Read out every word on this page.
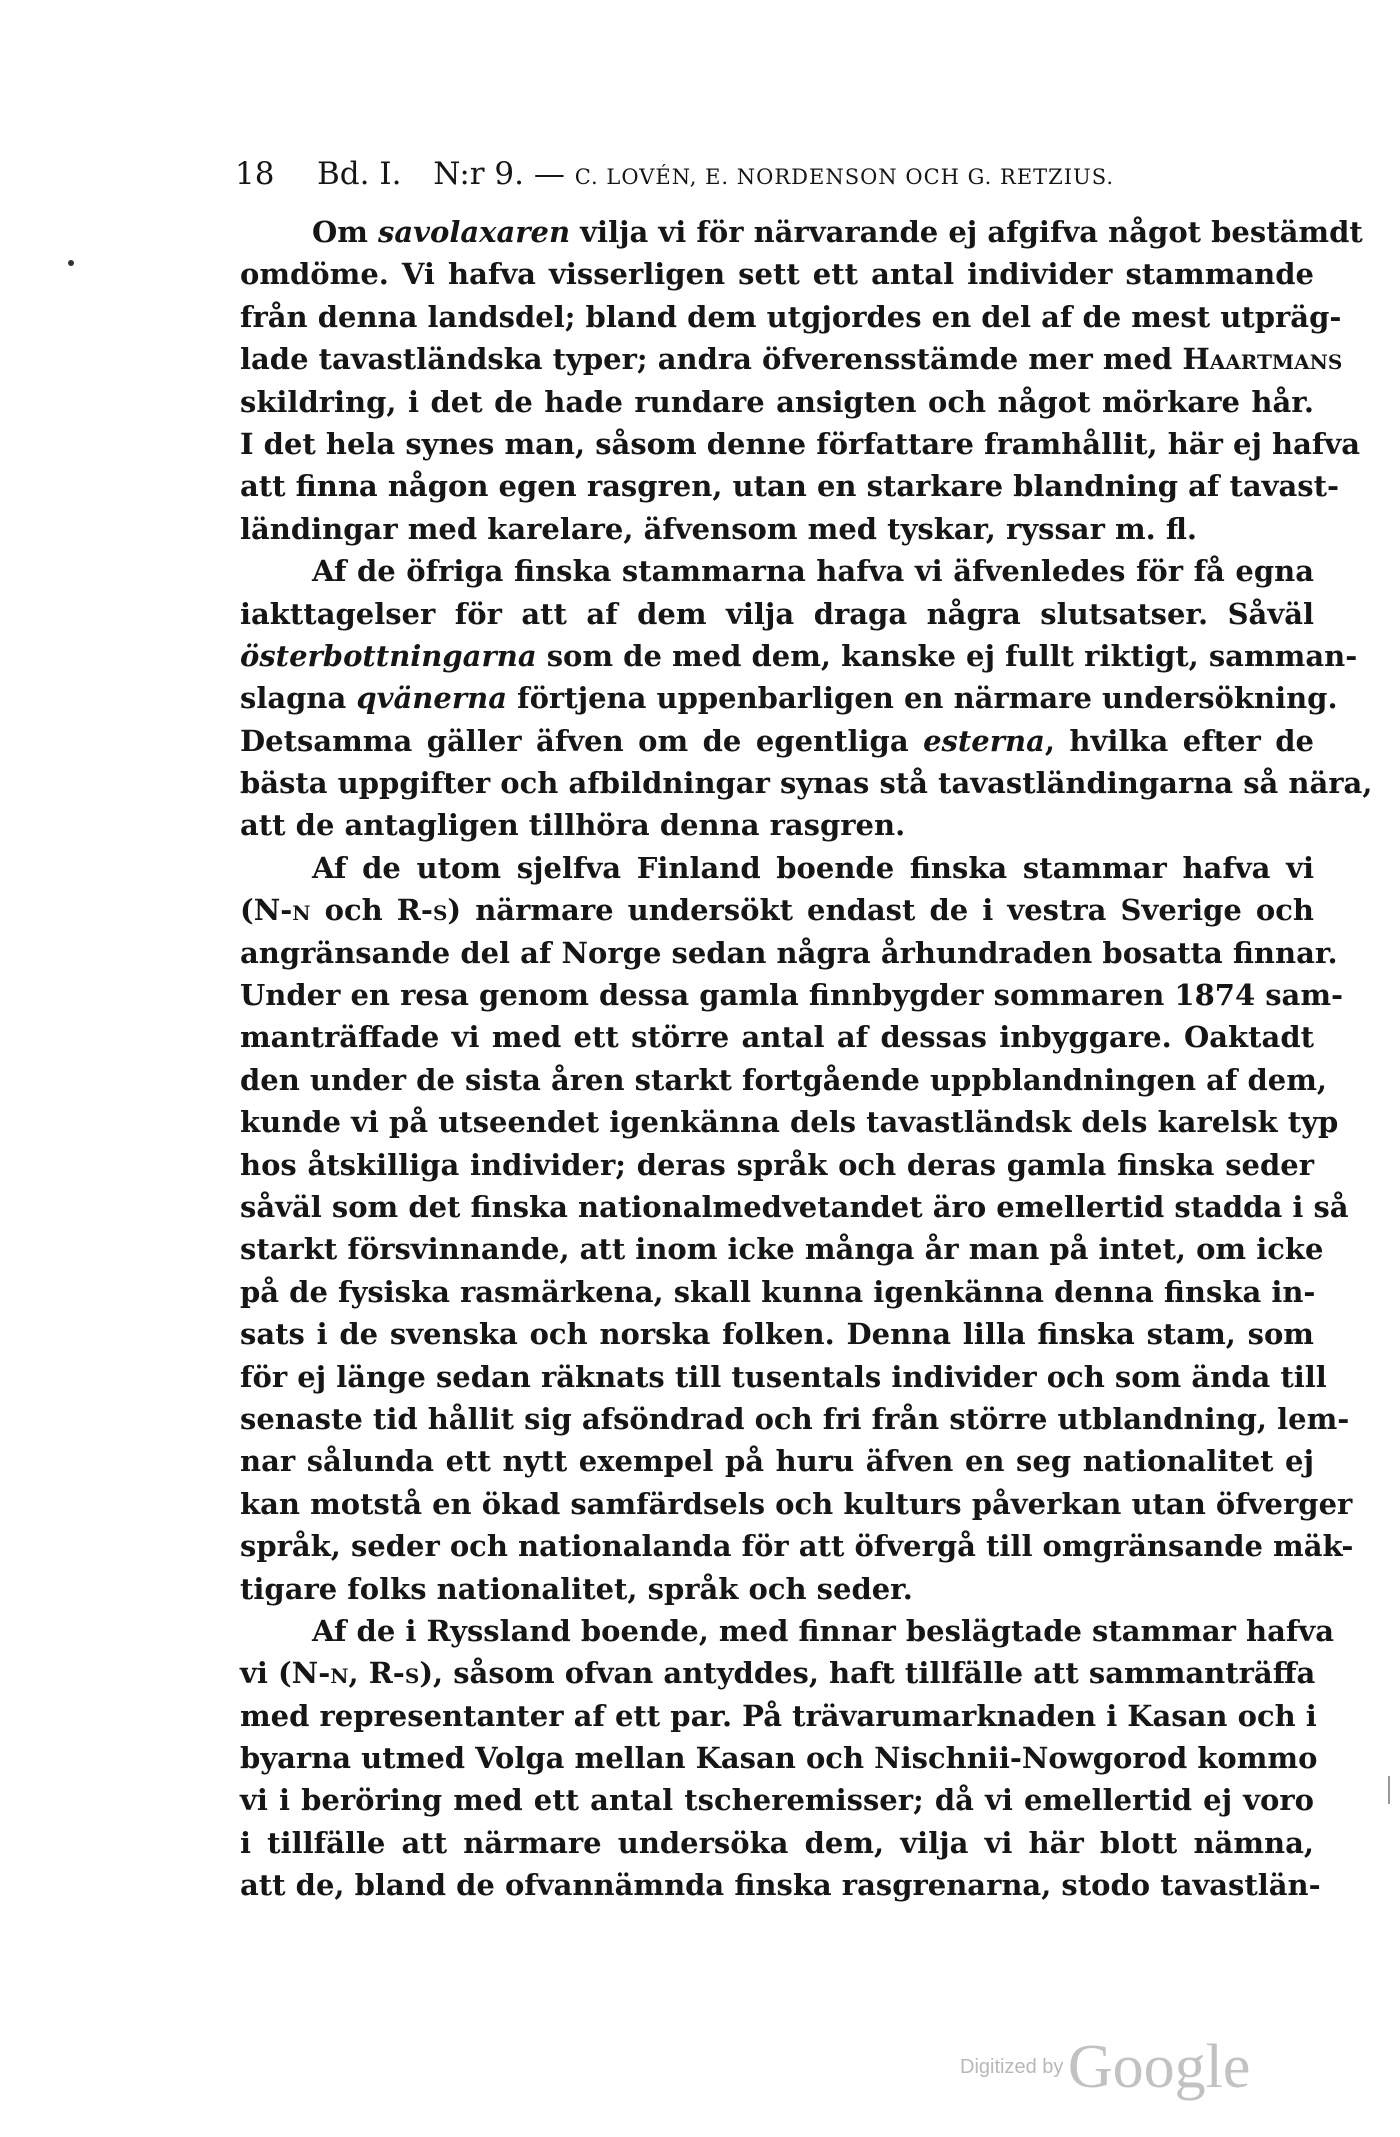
18 Bd. I. N:r 9. — C. LOVÉN, E. NORDENSON OCH G. RETZIUS.
Om savolaxaren vilja vi för närvarande ej afgifva något bestämdt
omdöme. Vi hafva visserligen sett ett antal individer stammande
från denna landsdel; bland dem utgjordes en del af de mest utpräg-
lade tavastländska typer; andra öfverensstämde mer med Haartmans
skildring, i det de hade rundare ansigten och något mörkare hår.
I det hela synes man, såsom denne författare framhållit, här ej hafva
att finna någon egen rasgren, utan en starkare blandning af tavast-
ländingar med karelare, äfvensom med tyskar, ryssar m. fl.
Af de öfriga finska stammarna hafva vi äfvenledes för få egna
iakttagelser för att af dem vilja draga några slutsatser. Såväl
österbottningarna som de med dem, kanske ej fullt riktigt, samman-
slagna qvänerna förtjena uppenbarligen en närmare undersökning.
Detsamma gäller äfven om de egentliga esterna, hvilka efter de
bästa uppgifter och afbildningar synas stå tavastländingarna så nära,
att de antagligen tillhöra denna rasgren.
Af de utom sjelfva Finland boende finska stammar hafva vi
(N-n och R-s) närmare undersökt endast de i vestra Sverige och
angränsande del af Norge sedan några århundraden bosatta finnar.
Under en resa genom dessa gamla finnbygder sommaren 1874 sam-
manträffade vi med ett större antal af dessas inbyggare. Oaktadt
den under de sista åren starkt fortgående uppblandningen af dem,
kunde vi på utseendet igenkänna dels tavastländsk dels karelsk typ
hos åtskilliga individer; deras språk och deras gamla finska seder
såväl som det finska nationalmedvetandet äro emellertid stadda i så
starkt försvinnande, att inom icke många år man på intet, om icke
på de fysiska rasmärkena, skall kunna igenkänna denna finska in-
sats i de svenska och norska folken. Denna lilla finska stam, som
för ej länge sedan räknats till tusentals individer och som ända till
senaste tid hållit sig afsöndrad och fri från större utblandning, lem-
nar sålunda ett nytt exempel på huru äfven en seg nationalitet ej
kan motstå en ökad samfärdsels och kulturs påverkan utan öfverger
språk, seder och nationalanda för att öfvergå till omgränsande mäk-
tigare folks nationalitet, språk och seder.
Af de i Ryssland boende, med finnar beslägtade stammar hafva
vi (N-n, R-s), såsom ofvan antyddes, haft tillfälle att sammanträffa
med representanter af ett par. På trävarumarknaden i Kasan och i
byarna utmed Volga mellan Kasan och Nischnii-Nowgorod kommo
vi i beröring med ett antal tscheremisser; då vi emellertid ej voro
i tillfälle att närmare undersöka dem, vilja vi här blott nämna,
att de, bland de ofvannämnda finska rasgrenarna, stodo tavastlän-
Digitized by Google
